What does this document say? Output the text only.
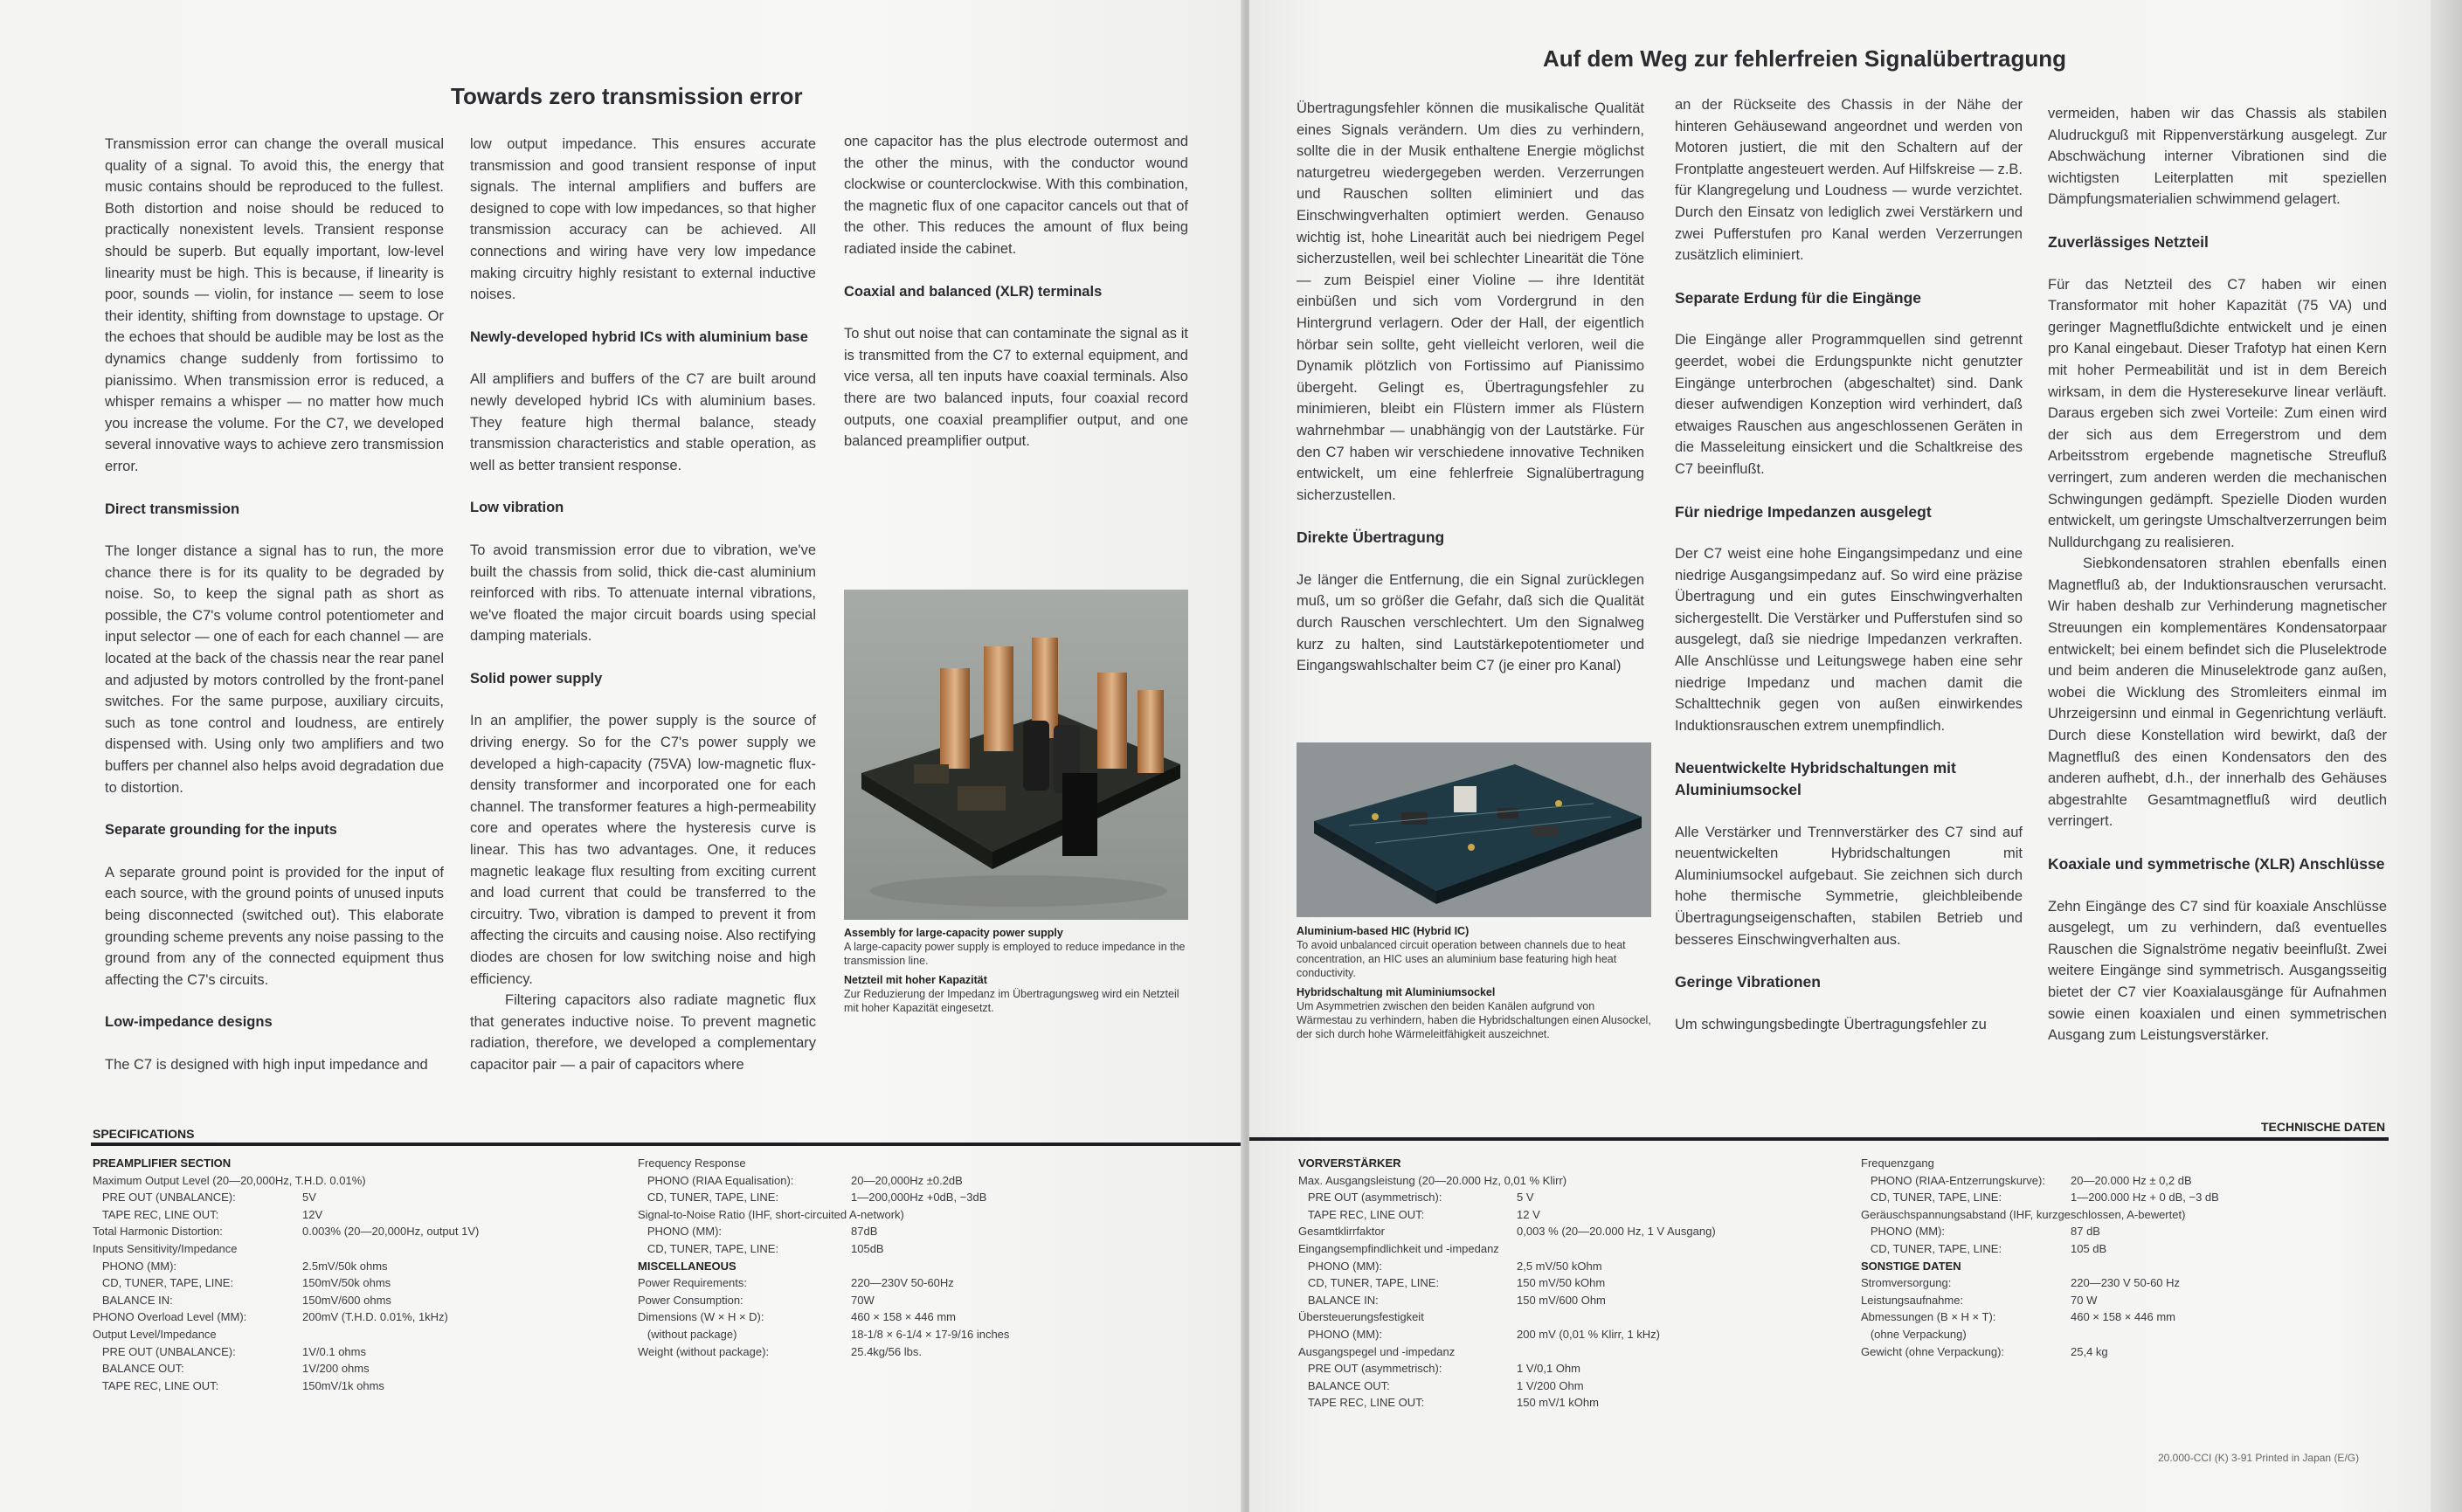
Towards zero transmission error

Transmission error can change the overall musical quality of a signal. To avoid this, the energy that music contains should be reproduced to the fullest. Both distortion and noise should be reduced to practically nonexistent levels. Transient response should be superb. But equally important, low-level linearity must be high. This is because, if linearity is poor, sounds — violin, for instance — seem to lose their identity, shifting from downstage to upstage. Or the echoes that should be audible may be lost as the dynamics change suddenly from fortissimo to pianissimo. When transmission error is reduced, a whisper remains a whisper — no matter how much you increase the volume. For the C7, we developed several innovative ways to achieve zero transmission error.

Direct transmission

The longer distance a signal has to run, the more chance there is for its quality to be degraded by noise. So, to keep the signal path as short as possible, the C7's volume control potentiometer and input selector — one of each for each channel — are located at the back of the chassis near the rear panel and adjusted by motors controlled by the front-panel switches. For the same purpose, auxiliary circuits, such as tone control and loudness, are entirely dispensed with. Using only two amplifiers and two buffers per channel also helps avoid degradation due to distortion.

Separate grounding for the inputs

A separate ground point is provided for the input of each source, with the ground points of unused inputs being disconnected (switched out). This elaborate grounding scheme prevents any noise passing to the ground from any of the connected equipment thus affecting the C7's circuits.

Low-impedance designs

The C7 is designed with high input impedance and

low output impedance. This ensures accurate transmission and good transient response of input signals. The internal amplifiers and buffers are designed to cope with low impedances, so that higher transmission accuracy can be achieved. All connections and wiring have very low impedance making circuitry highly resistant to external inductive noises.

Newly-developed hybrid ICs with aluminium base

All amplifiers and buffers of the C7 are built around newly developed hybrid ICs with aluminium bases. They feature high thermal balance, steady transmission characteristics and stable operation, as well as better transient response.

Low vibration

To avoid transmission error due to vibration, we've built the chassis from solid, thick die-cast aluminium reinforced with ribs. To attenuate internal vibrations, we've floated the major circuit boards using special damping materials.

Solid power supply

In an amplifier, the power supply is the source of driving energy. So for the C7's power supply we developed a high-capacity (75VA) low-magnetic flux-density transformer and incorporated one for each channel. The transformer features a high-permeability core and operates where the hysteresis curve is linear. This has two advantages. One, it reduces magnetic leakage flux resulting from exciting current and load current that could be transferred to the circuitry. Two, vibration is damped to prevent it from affecting the circuits and causing noise. Also rectifying diodes are chosen for low switching noise and high efficiency.

Filtering capacitors also radiate magnetic flux that generates inductive noise. To prevent magnetic radiation, therefore, we developed a complementary capacitor pair — a pair of capacitors where

one capacitor has the plus electrode outermost and the other the minus, with the conductor wound clockwise or counterclockwise. With this combination, the magnetic flux of one capacitor cancels out that of the other. This reduces the amount of flux being radiated inside the cabinet.

Coaxial and balanced (XLR) terminals

To shut out noise that can contaminate the signal as it is transmitted from the C7 to external equipment, and vice versa, all ten inputs have coaxial terminals. Also there are two balanced inputs, four coaxial record outputs, one coaxial preamplifier output, and one balanced preamplifier output.

Assembly for large-capacity power supply
A large-capacity power supply is employed to reduce impedance in the transmission line.
Netzteil mit hoher Kapazität
Zur Reduzierung der Impedanz im Übertragungsweg wird ein Netzteil mit hoher Kapazität eingesetzt.
SPECIFICATIONS
PREAMPLIFIER SECTION
Maximum Output Level (20—20,000Hz, T.H.D. 0.01%)
PRE OUT (UNBALANCE):	5V
TAPE REC, LINE OUT:	12V
Total Harmonic Distortion:	0.003% (20—20,000Hz, output 1V)
Inputs Sensitivity/Impedance
PHONO (MM):	2.5mV/50k ohms
CD, TUNER, TAPE, LINE:	150mV/50k ohms
BALANCE IN:	150mV/600 ohms
PHONO Overload Level (MM):	200mV (T.H.D. 0.01%, 1kHz)
Output Level/Impedance
PRE OUT (UNBALANCE):	1V/0.1 ohms
BALANCE OUT:	1V/200 ohms
TAPE REC, LINE OUT:	150mV/1k ohms
Frequency Response
PHONO (RIAA Equalisation):	20—20,000Hz ±0.2dB
CD, TUNER, TAPE, LINE:	1—200,000Hz +0dB, −3dB
Signal-to-Noise Ratio (IHF, short-circuited A-network)
PHONO (MM):	87dB
CD, TUNER, TAPE, LINE:	105dB
MISCELLANEOUS
Power Requirements:	220—230V 50-60Hz
Power Consumption:	70W
Dimensions (W × H × D):	460 × 158 × 446 mm
(without package)	18-1/8 × 6-1/4 × 17-9/16 inches
Weight (without package):	25.4kg/56 lbs.
Auf dem Weg zur fehlerfreien Signalübertragung

Übertragungsfehler können die musikalische Qualität eines Signals verändern. Um dies zu verhindern, sollte die in der Musik enthaltene Energie möglichst naturgetreu wiedergegeben werden. Verzerrungen und Rauschen sollten eliminiert und das Einschwingverhalten optimiert werden. Genauso wichtig ist, hohe Linearität auch bei niedrigem Pegel sicherzustellen, weil bei schlechter Linearität die Töne — zum Beispiel einer Violine — ihre Identität einbüßen und sich vom Vordergrund in den Hintergrund verlagern. Oder der Hall, der eigentlich hörbar sein sollte, geht vielleicht verloren, weil die Dynamik plötzlich von Fortissimo auf Pianissimo übergeht. Gelingt es, Übertragungsfehler zu minimieren, bleibt ein Flüstern immer als Flüstern wahrnehmbar — unabhängig von der Lautstärke. Für den C7 haben wir verschiedene innovative Techniken entwickelt, um eine fehlerfreie Signalübertragung sicherzustellen.

Direkte Übertragung

Je länger die Entfernung, die ein Signal zurücklegen muß, um so größer die Gefahr, daß sich die Qualität durch Rauschen verschlechtert. Um den Signalweg kurz zu halten, sind Lautstärkepotentiometer und Eingangswahlschalter beim C7 (je einer pro Kanal)

an der Rückseite des Chassis in der Nähe der hinteren Gehäusewand angeordnet und werden von Motoren justiert, die mit den Schaltern auf der Frontplatte angesteuert werden. Auf Hilfskreise — z.B. für Klangregelung und Loudness — wurde verzichtet. Durch den Einsatz von lediglich zwei Verstärkern und zwei Pufferstufen pro Kanal werden Verzerrungen zusätzlich eliminiert.

Separate Erdung für die Eingänge

Die Eingänge aller Programmquellen sind getrennt geerdet, wobei die Erdungspunkte nicht genutzter Eingänge unterbrochen (abgeschaltet) sind. Dank dieser aufwendigen Konzeption wird verhindert, daß etwaiges Rauschen aus angeschlossenen Geräten in die Masseleitung einsickert und die Schaltkreise des C7 beeinflußt.

Für niedrige Impedanzen ausgelegt

Der C7 weist eine hohe Eingangsimpedanz und eine niedrige Ausgangsimpedanz auf. So wird eine präzise Übertragung und ein gutes Einschwingverhalten sichergestellt. Die Verstärker und Pufferstufen sind so ausgelegt, daß sie niedrige Impedanzen verkraften. Alle Anschlüsse und Leitungswege haben eine sehr niedrige Impedanz und machen damit die Schalttechnik gegen von außen einwirkendes Induktionsrauschen extrem unempfindlich.

Neuentwickelte Hybridschaltungen mit Aluminiumsockel

Alle Verstärker und Trennverstärker des C7 sind auf neuentwickelten Hybridschaltungen mit Aluminiumsockel aufgebaut. Sie zeichnen sich durch hohe thermische Symmetrie, gleichbleibende Übertragungseigenschaften, stabilen Betrieb und besseres Einschwingverhalten aus.

Geringe Vibrationen

Um schwingungsbedingte Übertragungsfehler zu

vermeiden, haben wir das Chassis als stabilen Aludruckguß mit Rippenverstärkung ausgelegt. Zur Abschwächung interner Vibrationen sind die wichtigsten Leiterplatten mit speziellen Dämpfungsmaterialien schwimmend gelagert.

Zuverlässiges Netzteil

Für das Netzteil des C7 haben wir einen Transformator mit hoher Kapazität (75 VA) und geringer Magnetflußdichte entwickelt und je einen pro Kanal eingebaut. Dieser Trafotyp hat einen Kern mit hoher Permeabilität und ist in dem Bereich wirksam, in dem die Hysteresekurve linear verläuft. Daraus ergeben sich zwei Vorteile: Zum einen wird der sich aus dem Erregerstrom und dem Arbeitsstrom ergebende magnetische Streufluß verringert, zum anderen werden die mechanischen Schwingungen gedämpft. Spezielle Dioden wurden entwickelt, um geringste Umschaltverzerrungen beim Nulldurchgang zu realisieren.

Siebkondensatoren strahlen ebenfalls einen Magnetfluß ab, der Induktionsrauschen verursacht. Wir haben deshalb zur Verhinderung magnetischer Streuungen ein komplementäres Kondensatorpaar entwickelt; bei einem befindet sich die Pluselektrode und beim anderen die Minuselektrode ganz außen, wobei die Wicklung des Stromleiters einmal im Uhrzeigersinn und einmal in Gegenrichtung verläuft. Durch diese Konstellation wird bewirkt, daß der Magnetfluß des einen Kondensators den des anderen aufhebt, d.h., der innerhalb des Gehäuses abgestrahlte Gesamtmagnetfluß wird deutlich verringert.

Koaxiale und symmetrische (XLR) Anschlüsse

Zehn Eingänge des C7 sind für koaxiale Anschlüsse ausgelegt, um zu verhindern, daß eventuelles Rauschen die Signalströme negativ beeinflußt. Zwei weitere Eingänge sind symmetrisch. Ausgangsseitig bietet der C7 vier Koaxialausgänge für Aufnahmen sowie einen koaxialen und einen symmetrischen Ausgang zum Leistungsverstärker.

Aluminium-based HIC (Hybrid IC)
To avoid unbalanced circuit operation between channels due to heat concentration, an HIC uses an aluminium base featuring high heat conductivity.
Hybridschaltung mit Aluminiumsockel
Um Asymmetrien zwischen den beiden Kanälen aufgrund von Wärmestau zu verhindern, haben die Hybridschaltungen einen Alusockel, der sich durch hohe Wärmeleitfähigkeit auszeichnet.
TECHNISCHE DATEN
VORVERSTÄRKER
Max. Ausgangsleistung (20—20.000 Hz, 0,01 % Klirr)
PRE OUT (asymmetrisch):	5 V
TAPE REC, LINE OUT:	12 V
Gesamtklirrfaktor	0,003 % (20—20.000 Hz, 1 V Ausgang)
Eingangsempfindlichkeit und -impedanz
PHONO (MM):	2,5 mV/50 kOhm
CD, TUNER, TAPE, LINE:	150 mV/50 kOhm
BALANCE IN:	150 mV/600 Ohm
Übersteuerungsfestigkeit
PHONO (MM):	200 mV (0,01 % Klirr, 1 kHz)
Ausgangspegel und -impedanz
PRE OUT (asymmetrisch):	1 V/0,1 Ohm
BALANCE OUT:	1 V/200 Ohm
TAPE REC, LINE OUT:	150 mV/1 kOhm
Frequenzgang
PHONO (RIAA-Entzerrungskurve): 20—20.000 Hz ± 0,2 dB
CD, TUNER, TAPE, LINE:	1—200.000 Hz + 0 dB, −3 dB
Geräuschspannungsabstand (IHF, kurzgeschlossen, A-bewertet)
PHONO (MM):	87 dB
CD, TUNER, TAPE, LINE:	105 dB
SONSTIGE DATEN
Stromversorgung:	220—230 V 50-60 Hz
Leistungsaufnahme:	70 W
Abmessungen (B × H × T):	460 × 158 × 446 mm
(ohne Verpackung)
Gewicht (ohne Verpackung):	25,4 kg
20.000-CCI (K) 3-91 Printed in Japan (E/G)
